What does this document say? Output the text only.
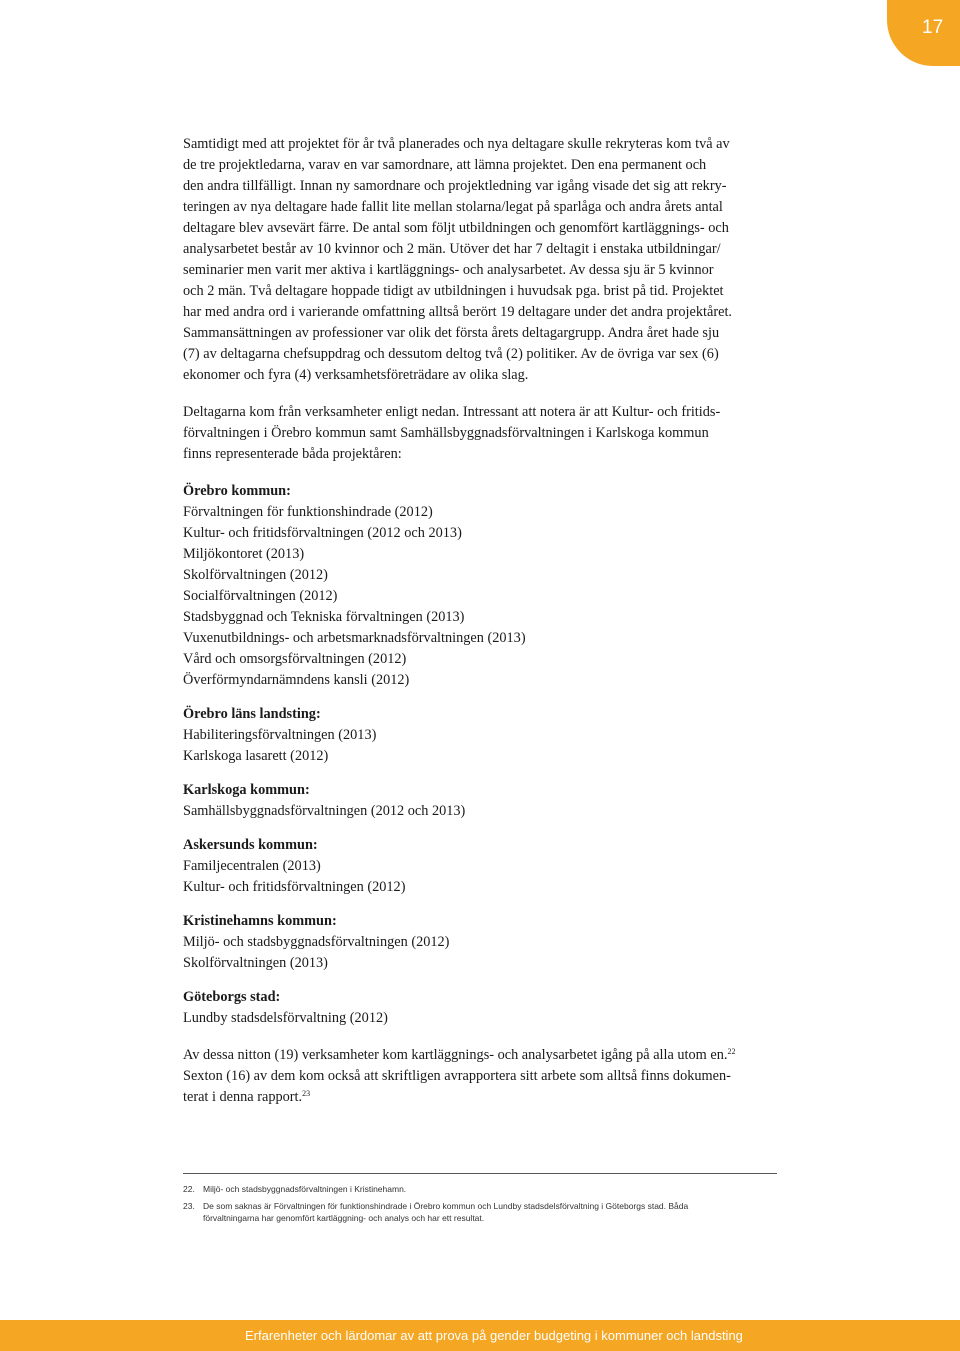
17

Samtidigt med att projektet för år två planerades och nya deltagare skulle rekryteras kom två av

de tre projektledarna, varav en var samordnare, att lämna projektet. Den ena permanent och

den andra tillfälligt. Innan ny samordnare och projektledning var igång visade det sig att rekry-

teringen av nya deltagare hade fallit lite mellan stolarna/legat på sparlåga och andra årets antal

deltagare blev avsevärt färre. De antal som följt utbildningen och genomfört kartläggnings- och

analysarbetet består av 10 kvinnor och 2 män. Utöver det har 7 deltagit i enstaka utbildningar/

seminarier men varit mer aktiva i kartläggnings- och analysarbetet. Av dessa sju är 5 kvinnor

och 2 män. Två deltagare hoppade tidigt av utbildningen i huvudsak pga. brist på tid. Projektet

har med andra ord i varierande omfattning alltså berört 19 deltagare under det andra projektåret.

Sammansättningen av professioner var olik det första årets deltagargrupp. Andra året hade sju

(7) av deltagarna chefsuppdrag och dessutom deltog två (2) politiker. Av de övriga var sex (6)

ekonomer och fyra (4) verksamhetsföreträdare av olika slag.

Deltagarna kom från verksamheter enligt nedan. Intressant att notera är att Kultur- och fritids-

förvaltningen i Örebro kommun samt Samhällsbyggnadsförvaltningen i Karlskoga kommun

finns representerade båda projektåren:

Örebro kommun:

Förvaltningen för funktionshindrade (2012)

Kultur- och fritidsförvaltningen (2012 och 2013)

Miljökontoret (2013)

Skolförvaltningen (2012)

Socialförvaltningen (2012)

Stadsbyggnad och Tekniska förvaltningen (2013)

Vuxenutbildnings- och arbetsmarknadsförvaltningen (2013)

Vård och omsorgsförvaltningen (2012)

Överförmyndarnämndens kansli (2012)

Örebro läns landsting:

Habiliteringsförvaltningen (2013)

Karlskoga lasarett (2012)

Karlskoga kommun:

Samhällsbyggnadsförvaltningen (2012 och 2013)

Askersunds kommun:

Familjecentralen (2013)

Kultur- och fritidsförvaltningen (2012)

Kristinehamns kommun:

Miljö- och stadsbyggnadsförvaltningen (2012)

Skolförvaltningen (2013)

Göteborgs stad:

Lundby stadsdelsförvaltning (2012)

Av dessa nitton (19) verksamheter kom kartläggnings- och analysarbetet igång på alla utom en.$^{22}$

Sexton (16) av dem kom också att skriftligen avrapportera sitt arbete som alltså finns dokumen-

terat i denna rapport.$^{23}$

22. Miljö- och stadsbyggnadsförvaltningen i Kristinehamn.
23. De som saknas är Förvaltningen för funktionshindrade i Örebro kommun och Lundby stadsdelsförvaltning i Göteborgs stad. Båda
förvaltningarna har genomfört kartläggning- och analys och har ett resultat.
Erfarenheter och lärdomar av att prova på gender budgeting i kommuner och landsting
